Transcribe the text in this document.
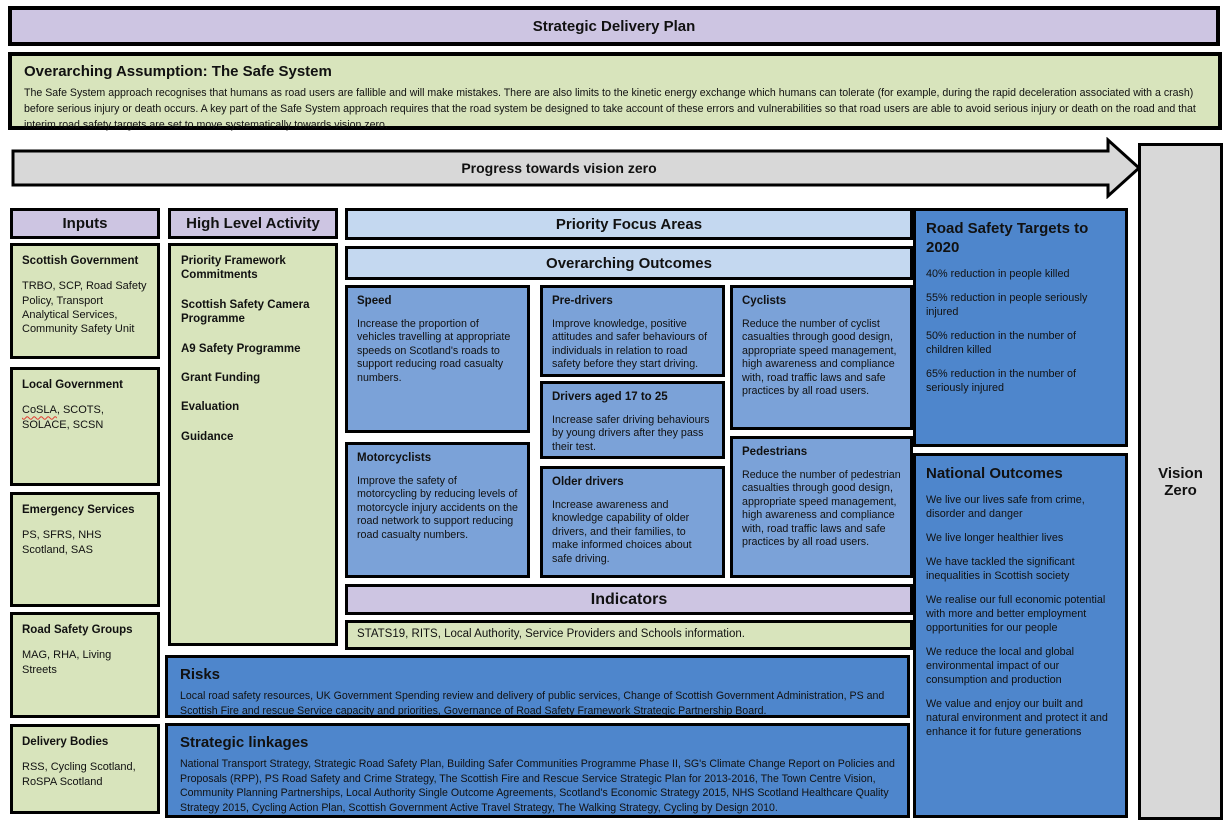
Strategic Delivery Plan
Overarching Assumption: The Safe System

The Safe System approach recognises that humans as road users are fallible and will make mistakes. There are also limits to the kinetic energy exchange which humans can tolerate (for example, during the rapid deceleration associated with a crash) before serious injury or death occurs. A key part of the Safe System approach requires that the road system be designed to take account of these errors and vulnerabilities so that road users are able to avoid serious injury or death on the road and that interim road safety targets are set to move systematically towards vision zero.

Progress towards vision zero
Vision Zero
Inputs	High Level Activity	Priority Focus Areas
Overarching Outcomes
Scottish Government

TRBO, SCP, Road Safety Policy, Transport Analytical Services, Community Safety Unit

Local Government

CoSLA, SCOTS, SOLACE, SCSN

Emergency Services

PS, SFRS, NHS Scotland, SAS

Road Safety Groups

MAG, RHA, Living Streets

Delivery Bodies

RSS, Cycling Scotland, RoSPA Scotland

Priority Framework Commitments

Scottish Safety Camera Programme

A9 Safety Programme

Grant Funding

Evaluation

Guidance

Speed

Increase the proportion of vehicles travelling at appropriate speeds on Scotland's roads to support reducing road casualty numbers.

Motorcyclists

Improve the safety of motorcycling by reducing levels of motorcycle injury accidents on the road network to support reducing road casualty numbers.

Pre-drivers

Improve knowledge, positive attitudes and safer behaviours of individuals in relation to road safety before they start driving.

Drivers aged 17 to 25

Increase safer driving behaviours by young drivers after they pass their test.

Older drivers

Increase awareness and knowledge capability of older drivers, and their families, to make informed choices about safe driving.

Cyclists

Reduce the number of cyclist casualties through good design, appropriate speed management, high awareness and compliance with, road traffic laws and safe practices by all road users.

Pedestrians

Reduce the number of pedestrian casualties through good design, appropriate speed management, high awareness and compliance with, road traffic laws and safe practices by all road users.

Indicators

STATS19, RITS, Local Authority, Service Providers and Schools information.

Risks

Local road safety resources, UK Government Spending review and delivery of public services, Change of Scottish Government Administration, PS and Scottish Fire and rescue Service capacity and priorities, Governance of Road Safety Framework Strategic Partnership Board.

Strategic linkages

National Transport Strategy, Strategic Road Safety Plan, Building Safer Communities Programme Phase II, SG's Climate Change Report on Policies and Proposals (RPP), PS Road Safety and Crime Strategy, The Scottish Fire and Rescue Service Strategic Plan for 2013-2016, The Town Centre Vision, Community Planning Partnerships, Local Authority Single Outcome Agreements, Scotland's Economic Strategy 2015, NHS Scotland Healthcare Quality Strategy 2015, Cycling Action Plan, Scottish Government Active Travel Strategy, The Walking Strategy, Cycling by Design 2010.

Road Safety Targets to 2020

40% reduction in people killed

55% reduction in people seriously injured

50% reduction in the number of children killed

65% reduction in the number of seriously injured

National Outcomes

We live our lives safe from crime, disorder and danger

We live longer healthier lives

We have tackled the significant inequalities in Scottish society

We realise our full economic potential with more and better employment opportunities for our people

We reduce the local and global environmental impact of our consumption and production

We value and enjoy our built and natural environment and protect it and enhance it for future generations
